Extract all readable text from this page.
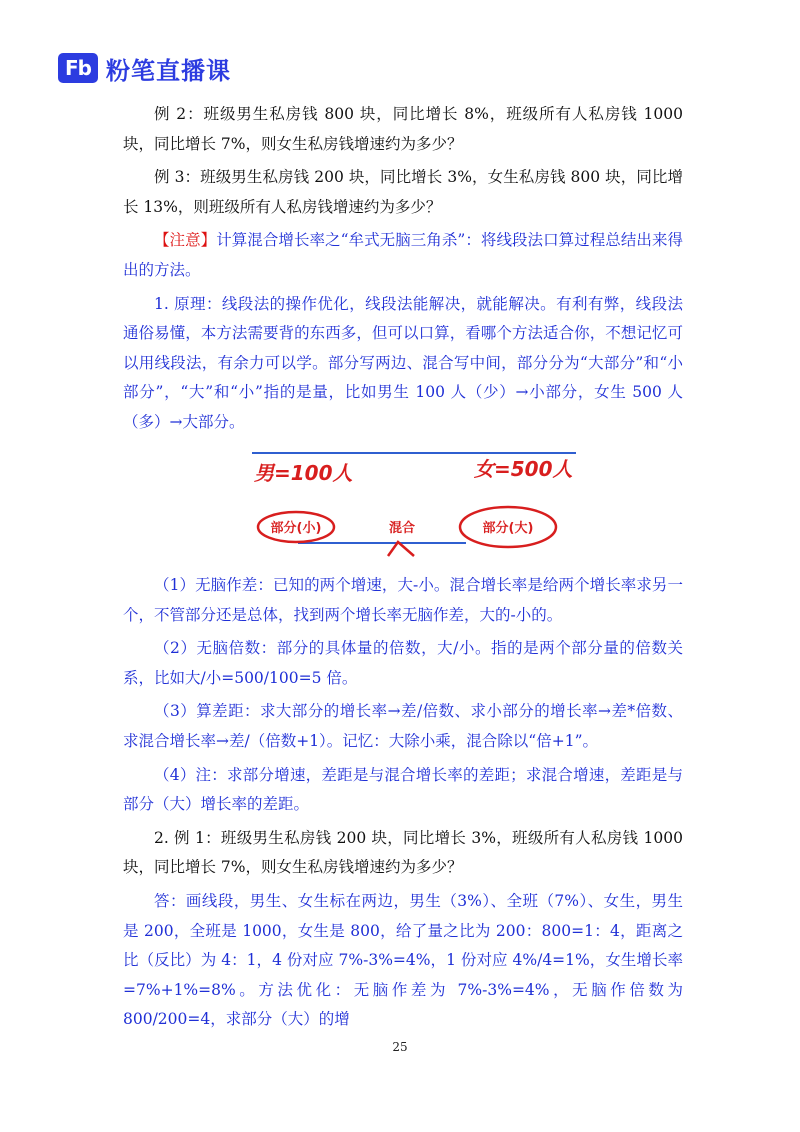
Fb 粉笔直播课

例 2：班级男生私房钱 800 块，同比增长 8%，班级所有人私房钱 1000 块，同比增长 7%，则女生私房钱增速约为多少？

例 3：班级男生私房钱 200 块，同比增长 3%，女生私房钱 800 块，同比增长 13%，则班级所有人私房钱增速约为多少？

【注意】计算混合增长率之“牟式无脑三角杀”：将线段法口算过程总结出来得出的方法。

1. 原理：线段法的操作优化，线段法能解决，就能解决。有利有弊，线段法通俗易懂，本方法需要背的东西多，但可以口算，看哪个方法适合你，不想记忆可以用线段法，有余力可以学。部分写两边、混合写中间，部分分为“大部分”和“小部分”，“大”和“小”指的是量，比如男生 100 人（少）→小部分，女生 500 人（多）→大部分。

男=100人	女=500人
部分(小)	混合	部分(大)

（1）无脑作差：已知的两个增速，大-小。混合增长率是给两个增长率求另一个，不管部分还是总体，找到两个增长率无脑作差，大的-小的。

（2）无脑倍数：部分的具体量的倍数，大/小。指的是两个部分量的倍数关系，比如大/小=500/100=5 倍。

（3）算差距：求大部分的增长率→差/倍数、求小部分的增长率→差*倍数、求混合增长率→差/（倍数+1）。记忆：大除小乘，混合除以“倍+1”。

（4）注：求部分增速，差距是与混合增长率的差距；求混合增速，差距是与部分（大）增长率的差距。

2. 例 1：班级男生私房钱 200 块，同比增长 3%，班级所有人私房钱 1000 块，同比增长 7%，则女生私房钱增速约为多少？

答：画线段，男生、女生标在两边，男生（3%）、全班（7%）、女生，男生是 200，全班是 1000，女生是 800，给了量之比为 200：800=1：4，距离之比（反比）为 4：1，4 份对应 7%-3%=4%，1 份对应 4%/4=1%，女生增长率=7%+1%=8%。方法优化：无脑作差为 7%-3%=4%，无脑作倍数为 800/200=4，求部分（大）的增

25
